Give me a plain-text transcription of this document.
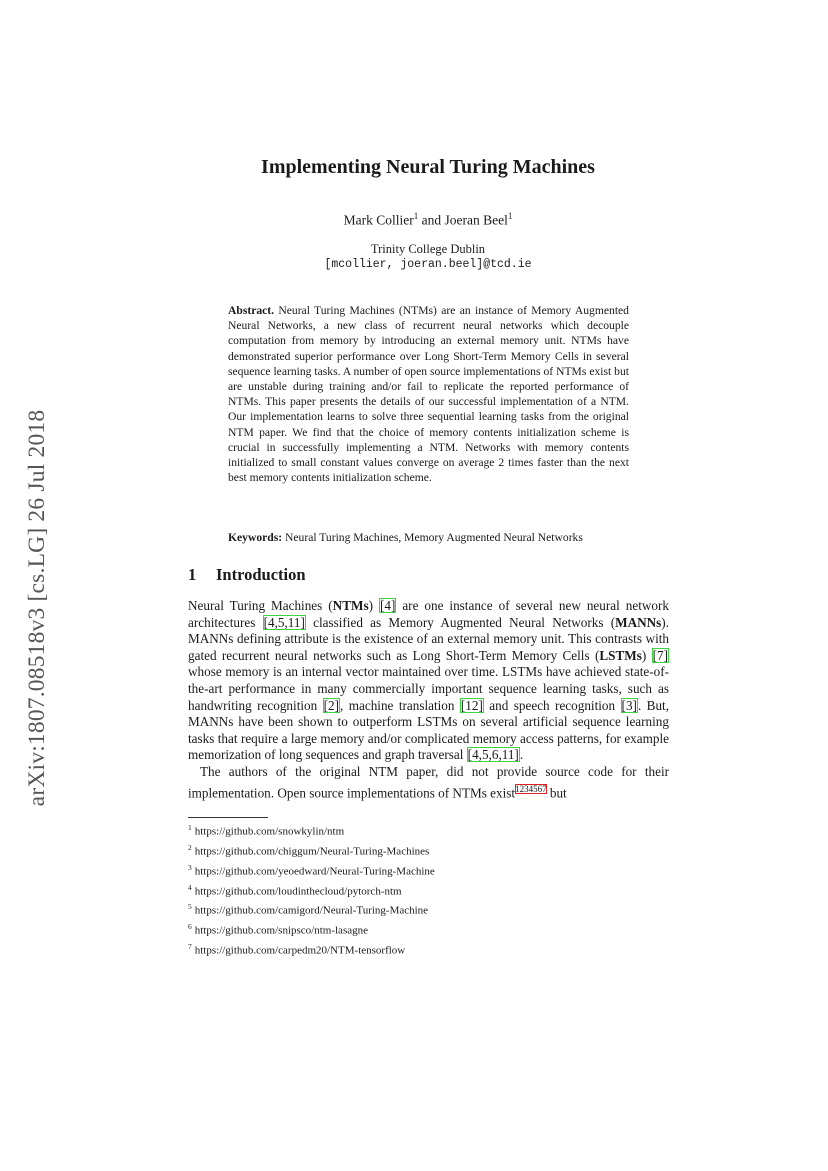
arXiv:1807.08518v3 [cs.LG] 26 Jul 2018
Implementing Neural Turing Machines
Mark Collier$^1$ and Joeran Beel$^1$
Trinity College Dublin
[mcollier, joeran.beel]@tcd.ie
Abstract. Neural Turing Machines (NTMs) are an instance of Memory Augmented Neural Networks, a new class of recurrent neural networks which decouple computation from memory by introducing an external memory unit. NTMs have demonstrated superior performance over Long Short-Term Memory Cells in several sequence learning tasks. A number of open source implementations of NTMs exist but are unstable during training and/or fail to replicate the reported performance of NTMs. This paper presents the details of our successful implementation of a NTM. Our implementation learns to solve three sequential learning tasks from the original NTM paper. We find that the choice of memory contents initialization scheme is crucial in successfully implementing a NTM. Networks with memory contents initialized to small constant values converge on average 2 times faster than the next best memory contents initialization scheme.
Keywords: Neural Turing Machines, Memory Augmented Neural Networks
1 Introduction

Neural Turing Machines (NTMs) [4] are one instance of several new neural network architectures [4,5,11] classified as Memory Augmented Neural Networks (MANNs). MANNs defining attribute is the existence of an external memory unit. This contrasts with gated recurrent neural networks such as Long Short-Term Memory Cells (LSTMs) [7] whose memory is an internal vector maintained over time. LSTMs have achieved state-of-the-art performance in many commercially important sequence learning tasks, such as handwriting recognition [2], machine translation [12] and speech recognition [3]. But, MANNs have been shown to outperform LSTMs on several artificial sequence learning tasks that require a large memory and/or complicated memory access patterns, for example memorization of long sequences and graph traversal [4,5,6,11].

The authors of the original NTM paper, did not provide source code for their implementation. Open source implementations of NTMs exist$^{1234567}$ but

$^1$ https://github.com/snowkylin/ntm
$^2$ https://github.com/chiggum/Neural-Turing-Machines
$^3$ https://github.com/yeoedward/Neural-Turing-Machine
$^4$ https://github.com/loudinthecloud/pytorch-ntm
$^5$ https://github.com/camigord/Neural-Turing-Machine
$^6$ https://github.com/snipsco/ntm-lasagne
$^7$ https://github.com/carpedm20/NTM-tensorflow
